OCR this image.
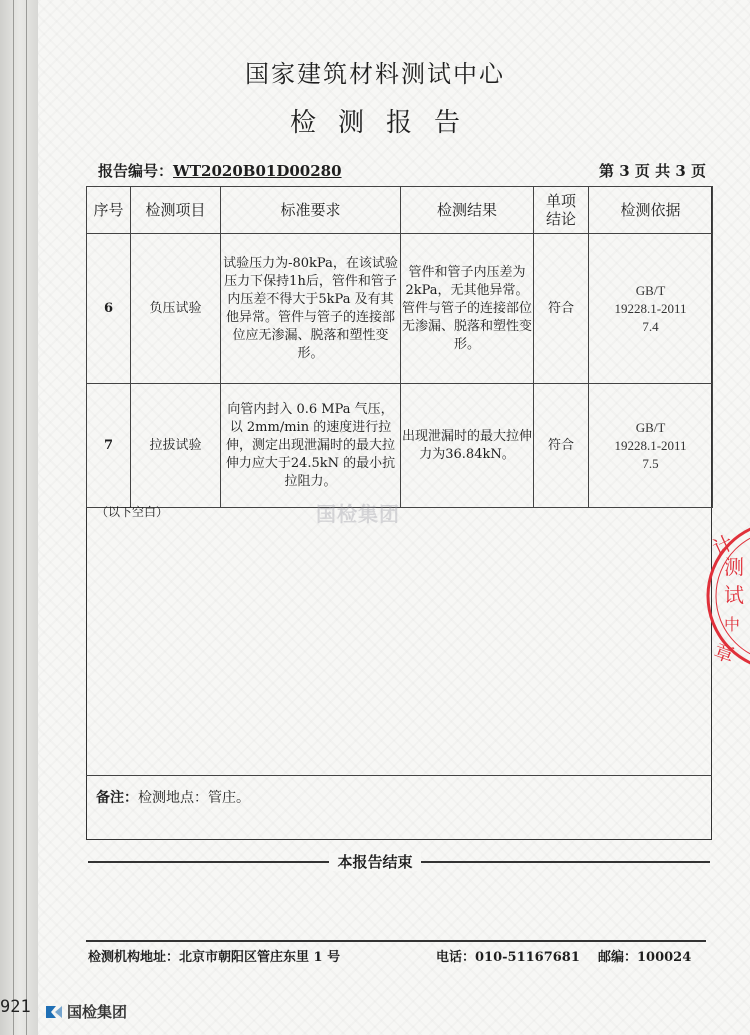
国家建筑材料测试中心
检测报告
报告编号：WT2020B01D00280	第 3 页 共 3 页
序号	检测项目	标准要求	检测结果	单项结论	检测依据
6	负压试验	试验压力为-80kPa，在该试验压力下保持1h后，管件和管子内压差不得大于5kPa 及有其他异常。管件与管子的连接部位应无渗漏、脱落和塑性变形。	管件和管子内压差为 2kPa，无其他异常。管件与管子的连接部位无渗漏、脱落和塑性变形。	符合	GB/T
19228.1-2011
7.4

7	拉拔试验	向管内封入 0.6 MPa 气压，以 2mm/min 的速度进行拉伸，测定出现泄漏时的最大拉伸力应大于24.5kN 的最小抗拉阻力。	出现泄漏时的最大拉伸力为36.84kN。	符合	GB/T
19228.1-2011
7.5
（以下空白）	国检集团
备注：检测地点：管庄。
本报告结束
检测机构地址：北京市朝阳区管庄东里 1 号	电话：010-51167681 邮编：100024
计
测
试
中
章
921 国检集团
